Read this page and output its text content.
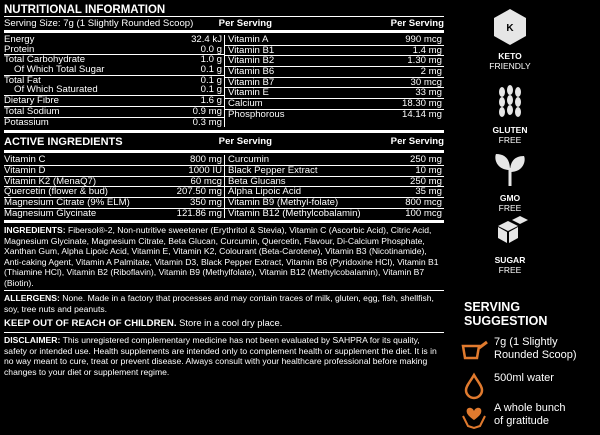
NUTRITIONAL INFORMATION
Serving Size: 7g (1 Slightly Rounded Scoop)	Per Serving	Per Serving
Energy	32.4 kJ
Protein	0.0 g
Total Carbohydrate	1.0 g
Of Which Total Sugar	0.1 g
Total Fat	0.1 g
Of Which Saturated	0.1 g
Dietary Fibre	1.6 g
Total Sodium	0.9 mg
Potassium	0.3 mg
Vitamin A	990 mcg
Vitamin B1	1.4 mg
Vitamin B2	1.30 mg
Vitamin B6	2 mg
Vitamin B7	30 mcg
Vitamin E	33 mg
Calcium	18.30 mg
Phosphorous	14.14 mg
ACTIVE INGREDIENTS	Per Serving	Per Serving
Vitamin C	800 mg
Vitamin D	1000 IU
Vitamin K2 (MenaQ7)	60 mcg
Quercetin (flower & bud)	207.50 mg
Magnesium Citrate (9% ELM)	350 mg
Magnesium Glycinate	121.86 mg
Curcumin	250 mg
Black Pepper Extract	10 mg
Beta Glucans	250 mg
Alpha Lipoic Acid	35 mg
Vitamin B9 (Methyl-folate)	800 mcg
Vitamin B12 (Methylcobalamin)	100 mcg
INGREDIENTS: Fibersol®-2, Non-nutritive sweetener (Erythritol & Stevia), Vitamin C (Ascorbic Acid), Citric Acid, Magnesium Glycinate, Magnesium Citrate, Beta Glucan, Curcumin, Quercetin, Flavour, Di-Calcium Phosphate, Xanthan Gum, Alpha Lipoic Acid, Vitamin E, Vitamin K2, Colourant (Beta-Carotene), Vitamin B3 (Nicotinamide), Anti-caking Agent, Vitamin A Palmitate, Vitamin D3, Black Pepper Extract, Vitamin B6 (Pyridoxine HCl), Vitamin B1 (Thiamine HCl), Vitamin B2 (Riboflavin), Vitamin B9 (Methylfolate), Vitamin B12 (Methylcobalamin), Vitamin B7 (Biotin).
ALLERGENS: None. Made in a factory that processes and may contain traces of milk, gluten, egg, fish, shellfish, soy, tree nuts and peanuts.
KEEP OUT OF REACH OF CHILDREN. Store in a cool dry place.
DISCLAIMER: This unregistered complementary medicine has not been evaluated by SAHPRA for its quality, safety or intended use. Health supplements are intended only to complement health or supplement the diet. It is in no way meant to cure, treat or prevent disease. Always consult with your healthcare professional before making changes to your diet or supplement regime.
K
KETO
FRIENDLY
GLUTEN
FREE
GMO
FREE
SUGAR
FREE
SERVING
SUGGESTION
7g (1 Slightly
Rounded Scoop)
500ml water
A whole bunch
of gratitude
